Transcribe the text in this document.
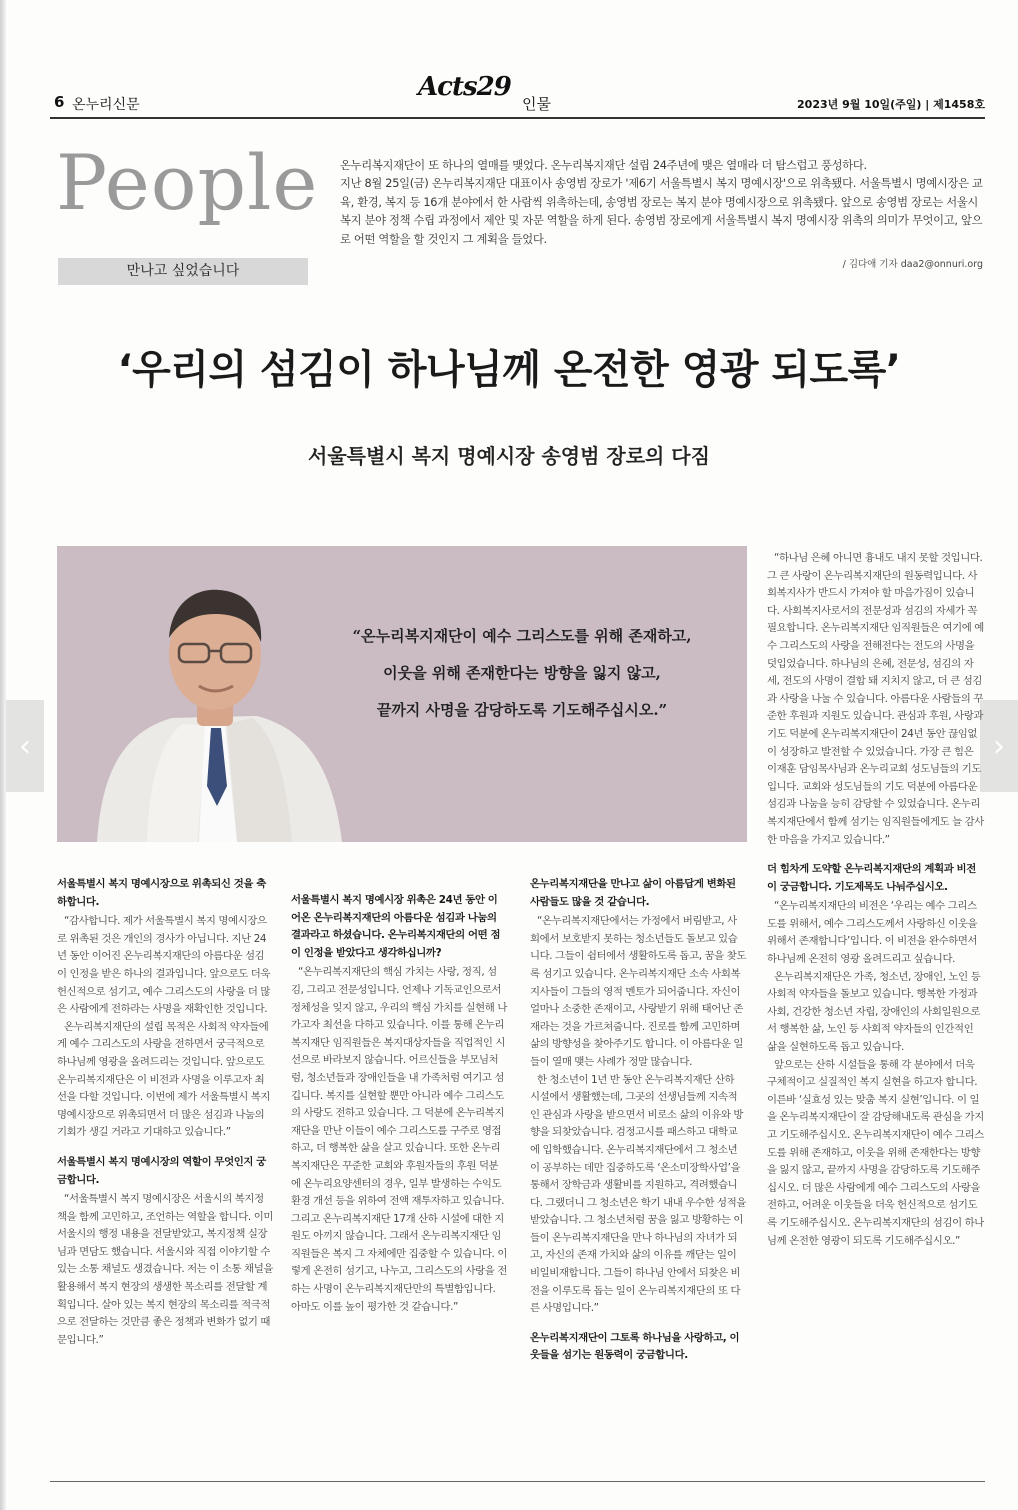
6 온누리신문
Acts29
인물	2023년 9월 10일(주일) | 제1458호
People
만나고 싶었습니다

온누리복지재단이 또 하나의 열매를 맺었다. 온누리복지재단 설립 24주년에 맺은 열매라 더 탐스럽고 풍성하다.

지난 8월 25일(금) 온누리복지재단 대표이사 송영범 장로가 '제6기 서울특별시 복지 명예시장'으로 위촉됐다. 서울특별시 명예시장은 교육, 환경, 복지 등 16개 분야에서 한 사람씩 위촉하는데, 송영범 장로는 복지 분야 명예시장으로 위촉됐다. 앞으로 송영범 장로는 서울시 복지 분야 정책 수립 과정에서 제안 및 자문 역할을 하게 된다. 송영범 장로에게 서울특별시 복지 명예시장 위촉의 의미가 무엇이고, 앞으로 어떤 역할을 할 것인지 그 계획을 들었다.

/ 김다애 기자 daa2@onnuri.org
‘우리의 섬김이 하나님께 온전한 영광 되도록’
서울특별시 복지 명예시장 송영범 장로의 다짐
“온누리복지재단이 예수 그리스도를 위해 존재하고,
이웃을 위해 존재한다는 방향을 잃지 않고,
끝까지 사명을 감당하도록 기도해주십시오.”
‹	›

서울특별시 복지 명예시장으로 위촉되신 것을 축하합니다.

“감사합니다. 제가 서울특별시 복지 명예시장으로 위촉된 것은 개인의 경사가 아닙니다. 지난 24년 동안 이어진 온누리복지재단의 아름다운 섬김이 인정을 받은 하나의 결과입니다. 앞으로도 더욱 헌신적으로 섬기고, 예수 그리스도의 사랑을 더 많은 사람에게 전하라는 사명을 재확인한 것입니다.

온누리복지재단의 설립 목적은 사회적 약자들에게 예수 그리스도의 사랑을 전하면서 궁극적으로 하나님께 영광을 올려드리는 것입니다. 앞으로도 온누리복지재단은 이 비전과 사명을 이루고자 최선을 다할 것입니다. 이번에 제가 서울특별시 복지 명예시장으로 위촉되면서 더 많은 섬김과 나눔의 기회가 생길 거라고 기대하고 있습니다.”

서울특별시 복지 명예시장의 역할이 무엇인지 궁금합니다.

“서울특별시 복지 명예시장은 서울시의 복지정책을 함께 고민하고, 조언하는 역할을 합니다. 이미 서울시의 행정 내용을 전달받았고, 복지정책 실장님과 면담도 했습니다. 서울시와 직접 이야기할 수 있는 소통 채널도 생겼습니다. 저는 이 소통 채널을 활용해서 복지 현장의 생생한 목소리를 전달할 계획입니다. 살아 있는 복지 현장의 목소리를 적극적으로 전달하는 것만큼 좋은 정책과 변화가 없기 때문입니다.”

서울특별시 복지 명예시장 위촉은 24년 동안 이어온 온누리복지재단의 아름다운 섬김과 나눔의 결과라고 하셨습니다. 온누리복지재단의 어떤 점이 인정을 받았다고 생각하십니까?

“온누리복지재단의 핵심 가치는 사랑, 정직, 섬김, 그리고 전문성입니다. 언제나 기독교인으로서 정체성을 잊지 않고, 우리의 핵심 가치를 실현해 나가고자 최선을 다하고 있습니다. 이를 통해 온누리복지재단 임직원들은 복지대상자들을 직업적인 시선으로 바라보지 않습니다. 어르신들을 부모님처럼, 청소년들과 장애인들을 내 가족처럼 여기고 섬깁니다. 복지를 실현할 뿐만 아니라 예수 그리스도의 사랑도 전하고 있습니다. 그 덕분에 온누리복지재단을 만난 이들이 예수 그리스도를 구주로 영접하고, 더 행복한 삶을 살고 있습니다. 또한 온누리복지재단은 꾸준한 교회와 후원자들의 후원 덕분에 온누리요양센터의 경우, 일부 발생하는 수익도 환경 개선 등을 위하여 전액 재투자하고 있습니다. 그리고 온누리복지재단 17개 산하 시설에 대한 지원도 아끼지 않습니다. 그래서 온누리복지재단 임직원들은 복지 그 자체에만 집중할 수 있습니다. 이렇게 온전히 섬기고, 나누고, 그리스도의 사랑을 전하는 사명이 온누리복지재단만의 특별함입니다. 아마도 이를 높이 평가한 것 같습니다.”

온누리복지재단을 만나고 삶이 아름답게 변화된 사람들도 많을 것 같습니다.

“온누리복지재단에서는 가정에서 버림받고, 사회에서 보호받지 못하는 청소년들도 돌보고 있습니다. 그들이 쉼터에서 생활하도록 돕고, 꿈을 찾도록 섬기고 있습니다. 온누리복지재단 소속 사회복지사들이 그들의 영적 멘토가 되어줍니다. 자신이 얼마나 소중한 존재이고, 사랑받기 위해 태어난 존재라는 것을 가르쳐줍니다. 진로를 함께 고민하며 삶의 방향성을 찾아주기도 합니다. 이 아름다운 일들이 열매 맺는 사례가 정말 많습니다.

한 청소년이 1년 반 동안 온누리복지재단 산하 시설에서 생활했는데, 그곳의 선생님들께 지속적인 관심과 사랑을 받으면서 비로소 삶의 이유와 방향을 되찾았습니다. 검정고시를 패스하고 대학교에 입학했습니다. 온누리복지재단에서 그 청소년이 공부하는 데만 집중하도록 ‘온소미장학사업’을 통해서 장학금과 생활비를 지원하고, 격려했습니다. 그랬더니 그 청소년은 학기 내내 우수한 성적을 받았습니다. 그 청소년처럼 꿈을 잃고 방황하는 이들이 온누리복지재단을 만나 하나님의 자녀가 되고, 자신의 존재 가치와 삶의 이유를 깨닫는 일이 비일비재합니다. 그들이 하나님 안에서 되찾은 비전을 이루도록 돕는 일이 온누리복지재단의 또 다른 사명입니다.”

온누리복지재단이 그토록 하나님을 사랑하고, 이웃들을 섬기는 원동력이 궁금합니다.

“하나님 은혜 아니면 흉내도 내지 못할 것입니다. 그 큰 사랑이 온누리복지재단의 원동력입니다. 사회복지사가 반드시 가져야 할 마음가짐이 있습니다. 사회복지사로서의 전문성과 섬김의 자세가 꼭 필요합니다. 온누리복지재단 임직원들은 여기에 예수 그리스도의 사랑을 전해전다는 전도의 사명을 덧입었습니다. 하나님의 은혜, 전문성, 섬김의 자세, 전도의 사명이 결합 돼 지치지 않고, 더 큰 섬김과 사랑을 나눌 수 있습니다. 아름다운 사람들의 꾸준한 후원과 지원도 있습니다. 관심과 후원, 사랑과 기도 덕분에 온누리복지재단이 24년 동안 끊임없이 성장하고 발전할 수 있었습니다. 가장 큰 힘은 이재훈 담임목사님과 온누리교회 성도님들의 기도입니다. 교회와 성도님들의 기도 덕분에 아름다운 섬김과 나눔을 능히 감당할 수 있었습니다. 온누리복지재단에서 함께 섬기는 임직원들에게도 늘 감사한 마음을 가지고 있습니다.”

더 힘차게 도약할 온누리복지재단의 계획과 비전이 궁금합니다. 기도제목도 나눠주십시오.

“온누리복지재단의 비전은 ‘우리는 예수 그리스도를 위해서, 예수 그리스도께서 사랑하신 이웃을 위해서 존재합니다’입니다. 이 비전을 완수하면서 하나님께 온전히 영광 올려드리고 싶습니다.

온누리복지재단은 가족, 청소년, 장애인, 노인 등 사회적 약자들을 돌보고 있습니다. 행복한 가정과 사회, 건강한 청소년 자립, 장애인의 사회일원으로서 행복한 삶, 노인 등 사회적 약자들의 인간적인 삶을 실현하도록 돕고 있습니다.

앞으로는 산하 시설들을 통해 각 분야에서 더욱 구체적이고 실질적인 복지 실현을 하고자 합니다. 이른바 ‘실효성 있는 맞춤 복지 실현’입니다. 이 일을 온누리복지재단이 잘 감당해내도록 관심을 가지고 기도해주십시오. 온누리복지재단이 예수 그리스도를 위해 존재하고, 이웃을 위해 존재한다는 방향을 잃지 않고, 끝까지 사명을 감당하도록 기도해주십시오. 더 많은 사람에게 예수 그리스도의 사랑을 전하고, 어려운 이웃들을 더욱 헌신적으로 섬기도록 기도해주십시오. 온누리복지재단의 섬김이 하나님께 온전한 영광이 되도록 기도해주십시오.”
